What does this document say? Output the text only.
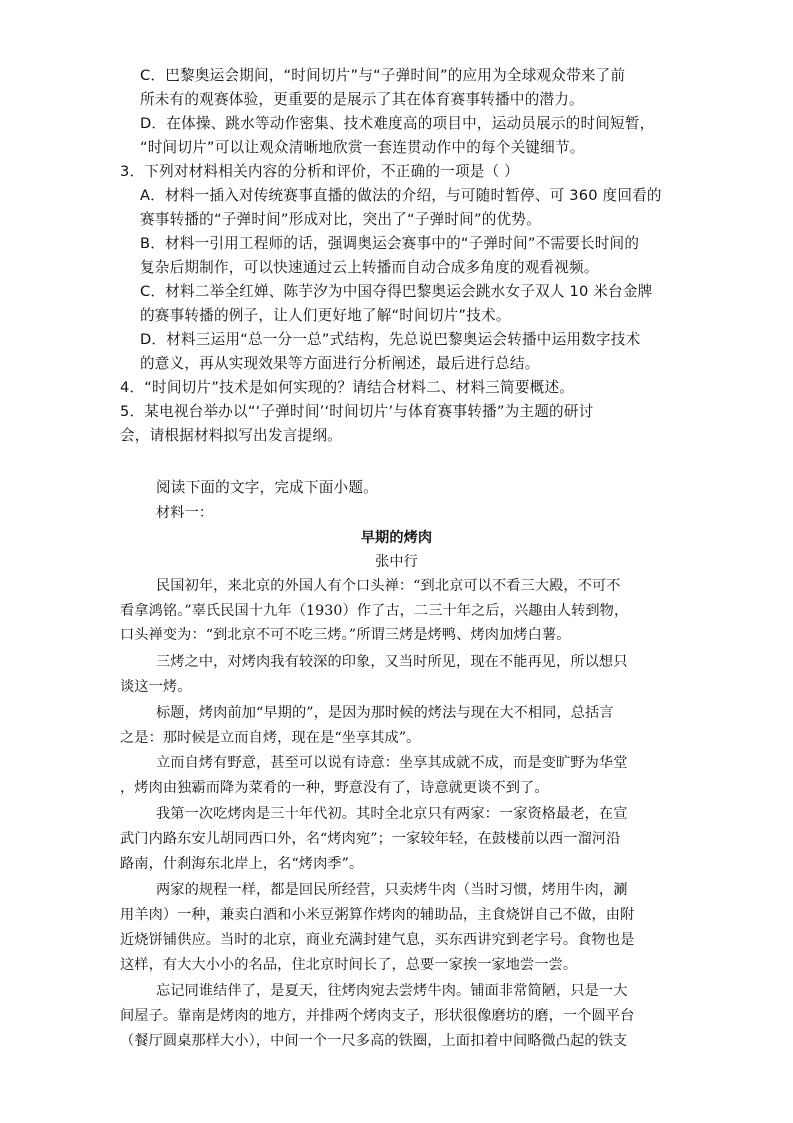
C．巴黎奥运会期间，“时间切片”与“子弹时间”的应用为全球观众带来了前
所未有的观赛体验，更重要的是展示了其在体育赛事转播中的潜力。
D．在体操、跳水等动作密集、技术难度高的项目中，运动员展示的时间短暂，
“时间切片”可以让观众清晰地欣赏一套连贯动作中的每个关键细节。
3．下列对材料相关内容的分析和评价，不正确的一项是（ ）
A．材料一插入对传统赛事直播的做法的介绍，与可随时暂停、可 360 度回看的
赛事转播的“子弹时间”形成对比，突出了“子弹时间”的优势。
B．材料一引用工程师的话，强调奥运会赛事中的“子弹时间”不需要长时间的
复杂后期制作，可以快速通过云上转播而自动合成多角度的观看视频。
C．材料二举全红婵、陈芋汐为中国夺得巴黎奥运会跳水女子双人 10 米台金牌
的赛事转播的例子，让人们更好地了解“时间切片”技术。
D．材料三运用“总一分一总”式结构，先总说巴黎奥运会转播中运用数字技术
的意义，再从实现效果等方面进行分析阐述，最后进行总结。
4．“时间切片”技术是如何实现的？请结合材料二、材料三简要概述。
5．某电视台举办以“‘子弹时间’‘时间切片’与体育赛事转播”为主题的研讨
会，请根据材料拟写出发言提纲。
阅读下面的文字，完成下面小题。
材料一：
早期的烤肉
张中行
民国初年，来北京的外国人有个口头禅：“到北京可以不看三大殿，不可不
看拿鸿铭。”辜氏民国十九年（1930）作了古，二三十年之后，兴趣由人转到物，
口头禅变为：“到北京不可不吃三烤。”所谓三烤是烤鸭、烤肉加烤白薯。
三烤之中，对烤肉我有较深的印象，又当时所见，现在不能再见，所以想只
谈这一烤。
标题，烤肉前加“早期的”，是因为那时候的烤法与现在大不相同，总括言
之是：那时候是立而自烤，现在是“坐享其成”。
立而自烤有野意，甚至可以说有诗意：坐享其成就不成，而是变旷野为华堂
，烤肉由独霸而降为菜肴的一种，野意没有了，诗意就更谈不到了。
我第一次吃烤肉是三十年代初。其时全北京只有两家：一家资格最老，在宣
武门内路东安儿胡同西口外，名“烤肉宛”；一家较年轻，在鼓楼前以西一溜河沿
路南，什刹海东北岸上，名“烤肉季”。
两家的规程一样，都是回民所经营，只卖烤牛肉（当时习惯，烤用牛肉，涮
用羊肉）一种，兼卖白酒和小米豆粥算作烤肉的辅助品，主食烧饼自己不做，由附
近烧饼铺供应。当时的北京，商业充满封建气息，买东西讲究到老字号。食物也是
这样，有大大小小的名品，住北京时间长了，总要一家挨一家地尝一尝。
忘记同谁结伴了，是夏天，往烤肉宛去尝烤牛肉。铺面非常简陋，只是一大
间屋子。靠南是烤肉的地方，并排两个烤肉支子，形状很像磨坊的磨，一个圆平台
（餐厅圆桌那样大小），中间一个一尺多高的铁圈，上面扣着中间略微凸起的铁支
